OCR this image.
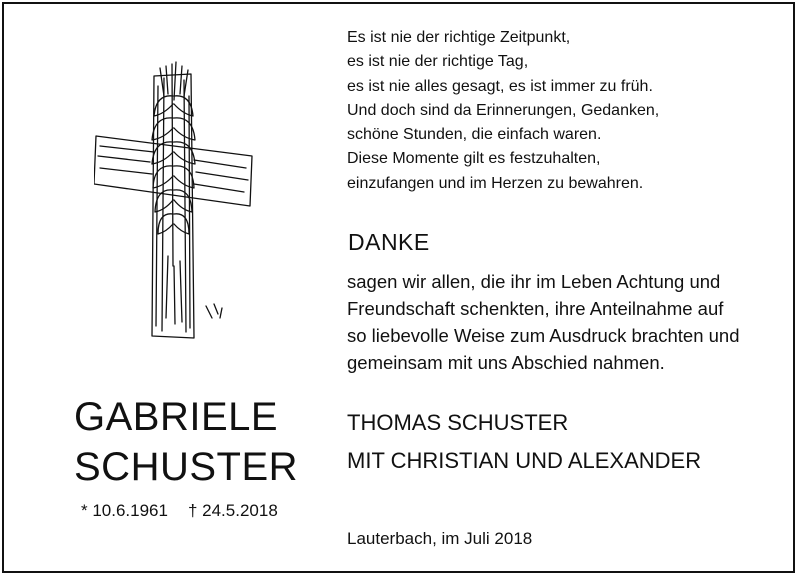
GABRIELE
SCHUSTER
* 10.6.1961 † 24.5.2018
Es ist nie der richtige Zeitpunkt,
es ist nie der richtige Tag,
es ist nie alles gesagt, es ist immer zu früh.
Und doch sind da Erinnerungen, Gedanken,
schöne Stunden, die einfach waren.
Diese Momente gilt es festzuhalten,
einzufangen und im Herzen zu bewahren.
DANKE
sagen wir allen, die ihr im Leben Achtung und
Freundschaft schenkten, ihre Anteilnahme auf
so liebevolle Weise zum Ausdruck brachten und
gemeinsam mit uns Abschied nahmen.
THOMAS SCHUSTER
MIT CHRISTIAN UND ALEXANDER
Lauterbach, im Juli 2018
